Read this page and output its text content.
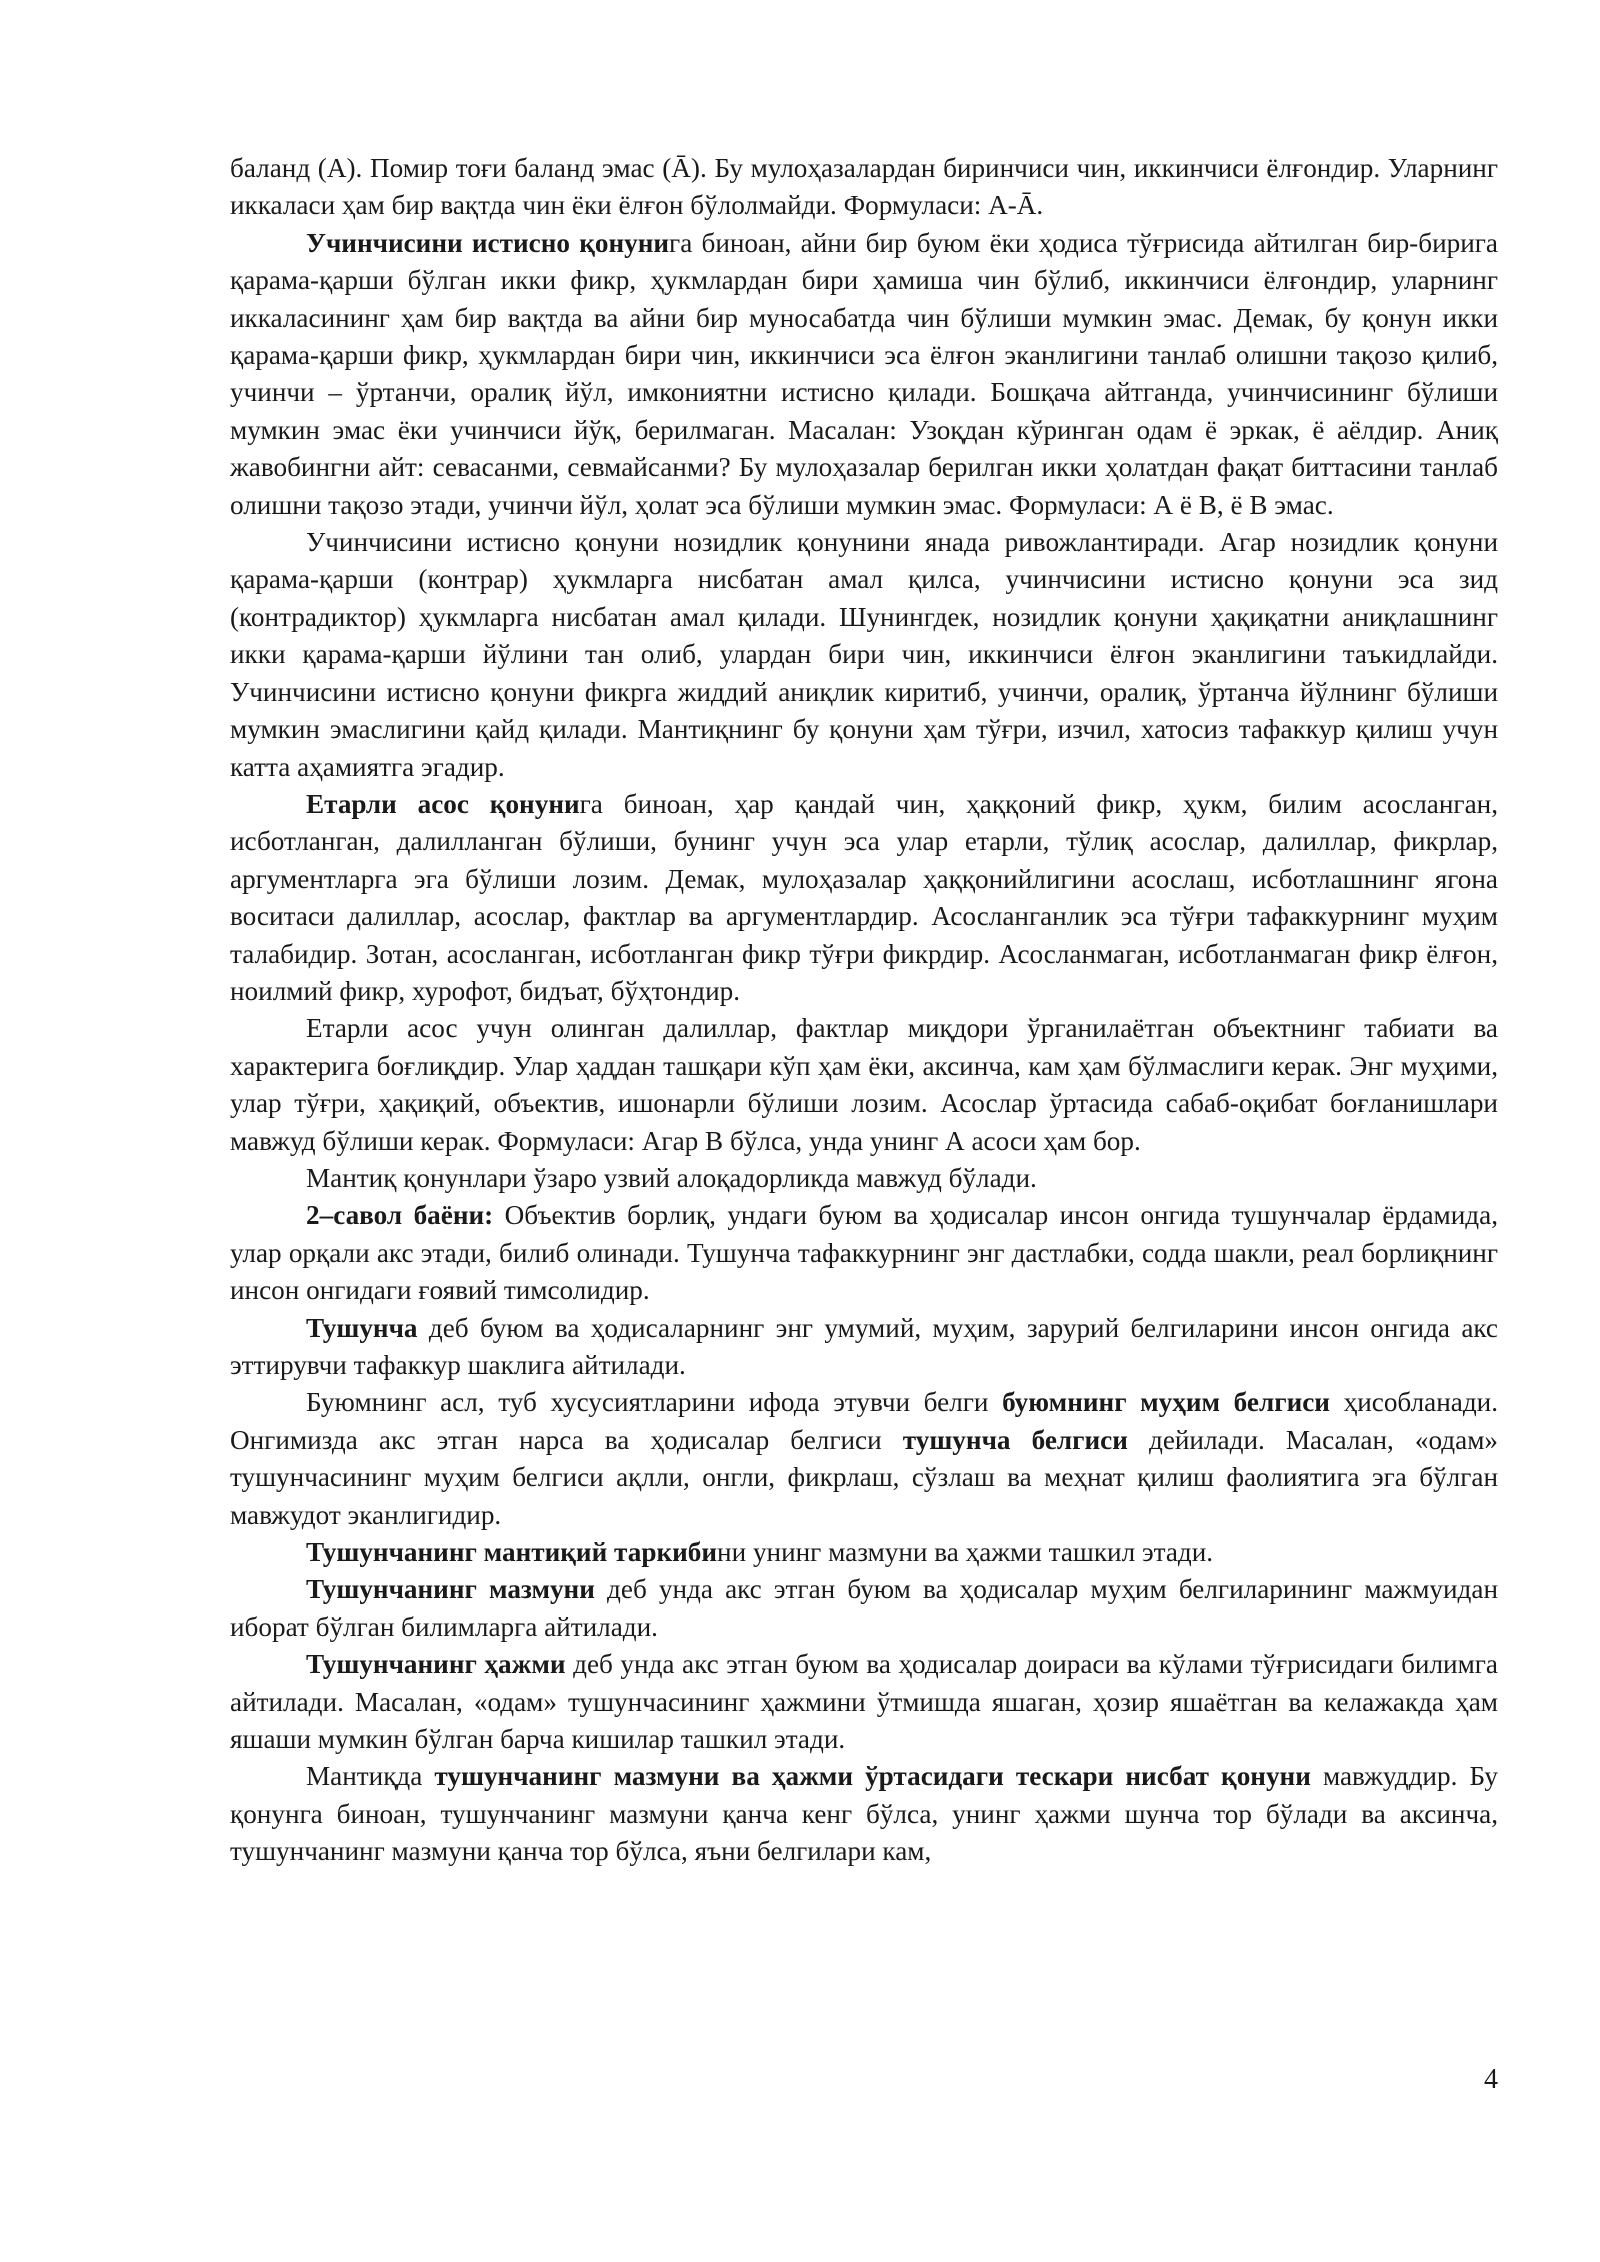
баланд (A). Помир тоғи баланд эмас (Ā). Бу мулоҳазалардан биринчиси чин, иккинчиси ёлғондир. Уларнинг иккаласи ҳам бир вақтда чин ёки ёлғон бўлолмайди. Формуласи: А-Ā.

Учинчисини истисно қонунига биноан, айни бир буюм ёки ҳодиса тўғрисида айтилган бир-бирига қарама-қарши бўлган икки фикр, ҳукмлардан бири ҳамиша чин бўлиб, иккинчиси ёлғондир, уларнинг иккаласининг ҳам бир вақтда ва айни бир муносабатда чин бўлиши мумкин эмас. Демак, бу қонун икки қарама-қарши фикр, ҳукмлардан бири чин, иккинчиси эса ёлғон эканлигини танлаб олишни тақозо қилиб, учинчи – ўртанчи, оралиқ йўл, имкониятни истисно қилади. Бошқача айтганда, учинчисининг бўлиши мумкин эмас ёки учинчиси йўқ, берилмаган. Масалан: Узоқдан кўринган одам ё эркак, ё аёлдир. Аниқ жавобингни айт: севасанми, севмайсанми? Бу мулоҳазалар берилган икки ҳолатдан фақат биттасини танлаб олишни тақозо этади, учинчи йўл, ҳолат эса бўлиши мумкин эмас. Формуласи: А ё В, ё В эмас.

Учинчисини истисно қонуни нозидлик қонунини янада ривожлантиради. Агар нозидлик қонуни қарама-қарши (контрар) ҳукмларга нисбатан амал қилса, учинчисини истисно қонуни эса зид (контрадиктор) ҳукмларга нисбатан амал қилади. Шунингдек, нозидлик қонуни ҳақиқатни аниқлашнинг икки қарама-қарши йўлини тан олиб, улардан бири чин, иккинчиси ёлғон эканлигини таъкидлайди. Учинчисини истисно қонуни фикрга жиддий аниқлик киритиб, учинчи, оралиқ, ўртанча йўлнинг бўлиши мумкин эмаслигини қайд қилади. Мантиқнинг бу қонуни ҳам тўғри, изчил, хатосиз тафаккур қилиш учун катта аҳамиятга эгадир.

Етарли асос қонунига биноан, ҳар қандай чин, ҳаққоний фикр, ҳукм, билим асосланган, исботланган, далилланган бўлиши, бунинг учун эса улар етарли, тўлиқ асослар, далиллар, фикрлар, аргументларга эга бўлиши лозим. Демак, мулоҳазалар ҳаққонийлигини асослаш, исботлашнинг ягона воситаси далиллар, асослар, фактлар ва аргументлардир. Асосланганлик эса тўғри тафаккурнинг муҳим талабидир. Зотан, асосланган, исботланган фикр тўғри фикрдир. Асосланмаган, исботланмаган фикр ёлғон, ноилмий фикр, хурофот, бидъат, бўҳтондир.

Етарли асос учун олинган далиллар, фактлар миқдори ўрганилаётган объектнинг табиати ва характерига боғлиқдир. Улар ҳаддан ташқари кўп ҳам ёки, аксинча, кам ҳам бўлмаслиги керак. Энг муҳими, улар тўғри, ҳақиқий, объектив, ишонарли бўлиши лозим. Асослар ўртасида сабаб-оқибат боғланишлари мавжуд бўлиши керак. Формуласи: Агар В бўлса, унда унинг А асоси ҳам бор.

Мантиқ қонунлари ўзаро узвий алоқадорликда мавжуд бўлади.

2–савол баёни: Объектив борлиқ, ундаги буюм ва ҳодисалар инсон онгида тушунчалар ёрдамида, улар орқали акс этади, билиб олинади. Тушунча тафаккурнинг энг дастлабки, содда шакли, реал борлиқнинг инсон онгидаги ғоявий тимсолидир.

Тушунча деб буюм ва ҳодисаларнинг энг умумий, муҳим, зарурий белгиларини инсон онгида акс эттирувчи тафаккур шаклига айтилади.

Буюмнинг асл, туб хусусиятларини ифода этувчи белги буюмнинг муҳим белгиси ҳисобланади. Онгимизда акс этган нарса ва ҳодисалар белгиси тушунча белгиси дейилади. Масалан, «одам» тушунчасининг муҳим белгиси ақлли, онгли, фикрлаш, сўзлаш ва меҳнат қилиш фаолиятига эга бўлган мавжудот эканлигидир.

Тушунчанинг мантиқий таркибини унинг мазмуни ва ҳажми ташкил этади.

Тушунчанинг мазмуни деб унда акс этган буюм ва ҳодисалар муҳим белгиларининг мажмуидан иборат бўлган билимларга айтилади.

Тушунчанинг ҳажми деб унда акс этган буюм ва ҳодисалар доираси ва кўлами тўғрисидаги билимга айтилади. Масалан, «одам» тушунчасининг ҳажмини ўтмишда яшаган, ҳозир яшаётган ва келажакда ҳам яшаши мумкин бўлган барча кишилар ташкил этади.

Мантиқда тушунчанинг мазмуни ва ҳажми ўртасидаги тескари нисбат қонуни мавжуддир. Бу қонунга биноан, тушунчанинг мазмуни қанча кенг бўлса, унинг ҳажми шунча тор бўлади ва аксинча, тушунчанинг мазмуни қанча тор бўлса, яъни белгилари кам,

4
